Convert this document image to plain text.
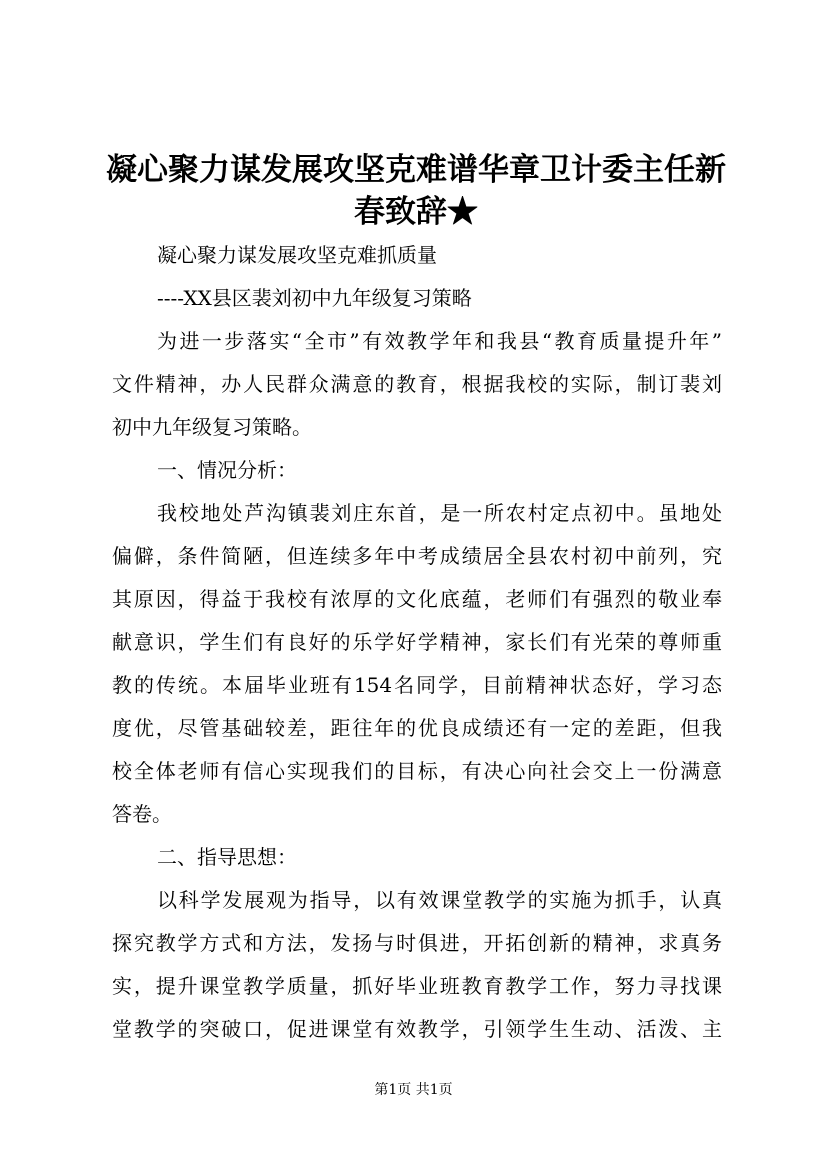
凝心聚力谋发展攻坚克难谱华章卫计委主任新
春致辞★
凝心聚力谋发展攻坚克难抓质量
----XX县区裴刘初中九年级复习策略
为进一步落实“全市”有效教学年和我县“教育质量提升年”
文件精神，办人民群众满意的教育，根据我校的实际，制订裴刘
初中九年级复习策略。
一、情况分析：
我校地处芦沟镇裴刘庄东首，是一所农村定点初中。虽地处
偏僻，条件简陋，但连续多年中考成绩居全县农村初中前列，究
其原因，得益于我校有浓厚的文化底蕴，老师们有强烈的敬业奉
献意识，学生们有良好的乐学好学精神，家长们有光荣的尊师重
教的传统。本届毕业班有154名同学，目前精神状态好，学习态
度优，尽管基础较差，距往年的优良成绩还有一定的差距，但我
校全体老师有信心实现我们的目标，有决心向社会交上一份满意
答卷。
二、指导思想：
以科学发展观为指导，以有效课堂教学的实施为抓手，认真
探究教学方式和方法，发扬与时俱进，开拓创新的精神，求真务
实，提升课堂教学质量，抓好毕业班教育教学工作，努力寻找课
堂教学的突破口，促进课堂有效教学，引领学生生动、活泼、主
第1页 共1页
